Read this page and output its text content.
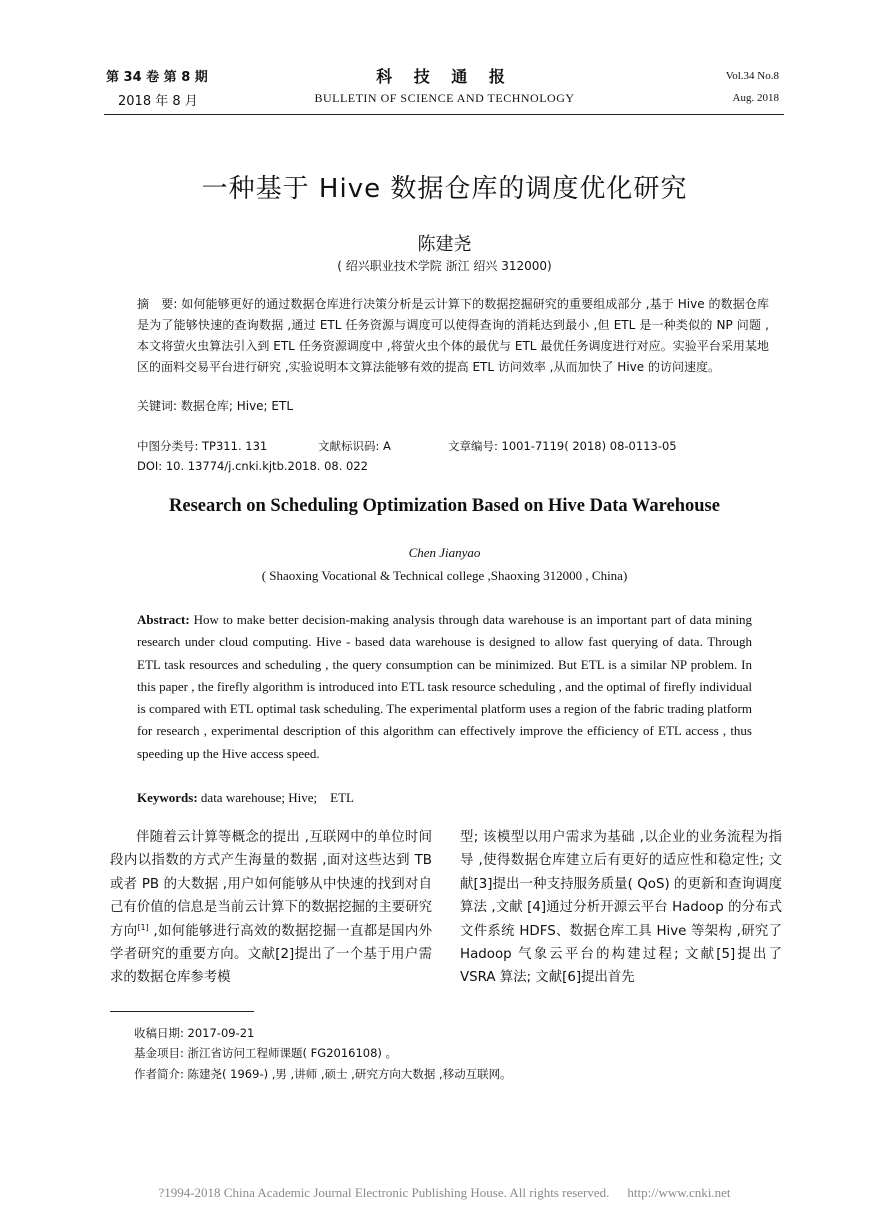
第 34 卷 第 8 期
2018 年 8 月
科 技 通 报
BULLETIN OF SCIENCE AND TECHNOLOGY
Vol.34 No.8
Aug. 2018
一种基于 Hive 数据仓库的调度优化研究
陈建尧
( 绍兴职业技术学院 浙江 绍兴 312000)
摘　要: 如何能够更好的通过数据仓库进行决策分析是云计算下的数据挖掘研究的重要组成部分 ,基于 Hive 的数据仓库是为了能够快速的查询数据 ,通过 ETL 任务资源与调度可以使得查询的消耗达到最小 ,但 ETL 是一种类似的 NP 问题 ,本文将萤火虫算法引入到 ETL 任务资源调度中 ,将萤火虫个体的最优与 ETL 最优任务调度进行对应。实验平台采用某地区的面料交易平台进行研究 ,实验说明本文算法能够有效的提高 ETL 访问效率 ,从而加快了 Hive 的访问速度。
关键词: 数据仓库; Hive; ETL
中图分类号: TP311. 131	文献标识码: A	文章编号: 1001-7119( 2018) 08-0113-05
DOI: 10. 13774/j.cnki.kjtb.2018. 08. 022
Research on Scheduling Optimization Based on Hive Data Warehouse
Chen Jianyao
( Shaoxing Vocational & Technical college ,Shaoxing 312000 , China)
Abstract: How to make better decision-making analysis through data warehouse is an important part of data mining research under cloud computing. Hive - based data warehouse is designed to allow fast querying of data. Through ETL task resources and scheduling , the query consumption can be minimized. But ETL is a similar NP problem. In this paper , the firefly algorithm is introduced into ETL task resource scheduling , and the optimal of firefly individual is compared with ETL optimal task scheduling. The experimental platform uses a region of the fabric trading platform for research , experimental description of this algorithm can effectively improve the efficiency of ETL access , thus speeding up the Hive access speed.
Keywords: data warehouse; Hive;　ETL
伴随着云计算等概念的提出 ,互联网中的单位时间段内以指数的方式产生海量的数据 ,面对这些达到 TB 或者 PB 的大数据 ,用户如何能够从中快速的找到对自己有价值的信息是当前云计算下的数据挖掘的主要研究方向[1] ,如何能够进行高效的数据挖掘一直都是国内外学者研究的重要方向。文献[2]提出了一个基于用户需求的数据仓库参考模
型; 该模型以用户需求为基础 ,以企业的业务流程为指导 ,使得数据仓库建立后有更好的适应性和稳定性; 文献[3]提出一种支持服务质量( QoS) 的更新和查询调度算法 ,文献 [4]通过分析开源云平台 Hadoop 的分布式文件系统 HDFS、数据仓库工具 Hive 等架构 ,研究了 Hadoop 气象云平台的构建过程; 文献[5]提出了 VSRA 算法; 文献[6]提出首先
收稿日期: 2017-09-21
基金项目: 浙江省访问工程师课题( FG2016108) 。
作者简介: 陈建尧( 1969-) ,男 ,讲师 ,硕士 ,研究方向大数据 ,移动互联网。
?1994-2018 China Academic Journal Electronic Publishing House. All rights reserved. http://www.cnki.net
